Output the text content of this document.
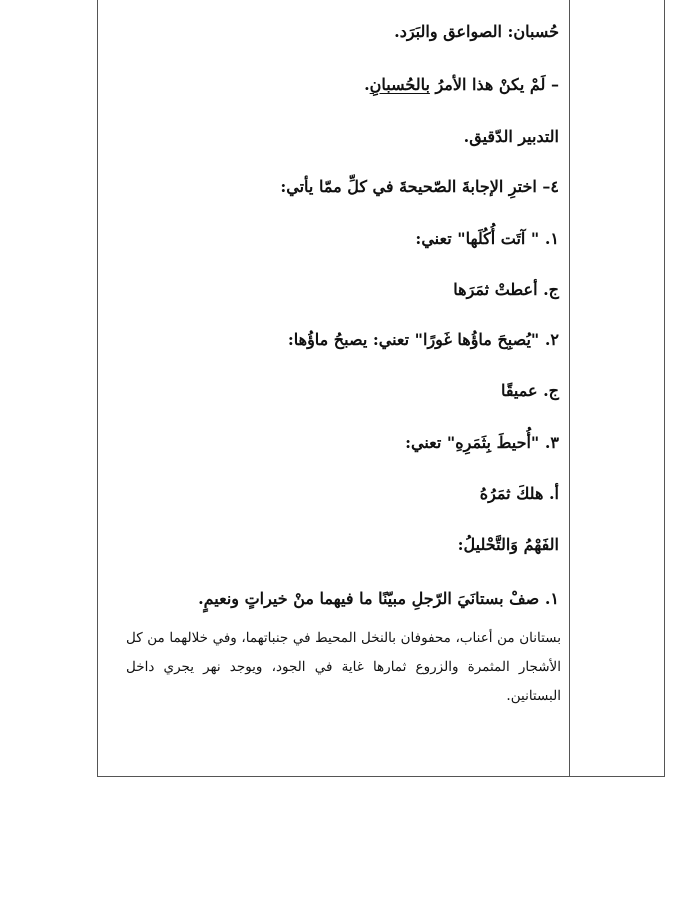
حُسبان: الصواعق والبَرَد.
– لَمْ يكنْ هذا الأمرُ بالحُسبانِ.
التدبير الدّقيق.
٤– اخترِ الإجابةَ الصّحيحةَ في كلِّ ممّا يأتي:
١. " آتَت أُكُلَها" تعني:
ج. أعطتْ ثمَرَها
٢. "يُصبِحَ ماؤُها غَورًا" تعني: يصبحُ ماؤُها:
ج. عميقًا
٣. "أُحيطَ بِثَمَرِهِ" تعني:
أ. هلكَ ثمَرُهُ
الفَهْمُ وَالتَّحْليلُ:
١. صفْ بستانَيَ الرّجلِ مبيّنًا ما فيهما منْ خيراتٍ ونعيمٍ.
بستانان من أعناب، محفوفان بالنخل المحيط في جنباتهما، وفي خلالهما من كل الأشجار المثمرة والزروع ثمارها غاية في الجود، ويوجد نهر يجري داخل البستانين.
